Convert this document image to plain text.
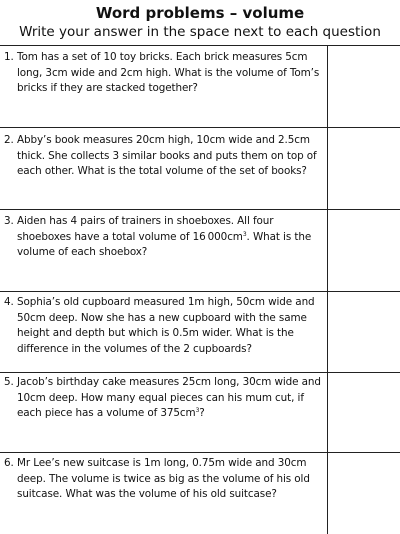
Word problems – volume
Write your answer in the space next to each question
1. Tom has a set of 10 toy bricks. Each brick measures 5cm long, 3cm wide and 2cm high. What is the volume of Tom’s bricks if they are stacked together?
2. Abby’s book measures 20cm high, 10cm wide and 2.5cm thick. She collects 3 similar books and puts them on top of each other. What is the total volume of the set of books?
3. Aiden has 4 pairs of trainers in shoeboxes. All four shoeboxes have a total volume of 16 $000cm^3$. What is the volume of each shoebox?
4. Sophia’s old cupboard measured 1m high, 50cm wide and 50cm deep. Now she has a new cupboard with the same height and depth but which is 0.5m wider. What is the difference in the volumes of the 2 cupboards?
5. Jacob’s birthday cake measures 25cm long, 30cm wide and 10cm deep. How many equal pieces can his mum cut, if each piece has a volume of $375cm^3$?
6. Mr Lee’s new suitcase is 1m long, 0.75m wide and 30cm deep. The volume is twice as big as the volume of his old suitcase. What was the volume of his old suitcase?
